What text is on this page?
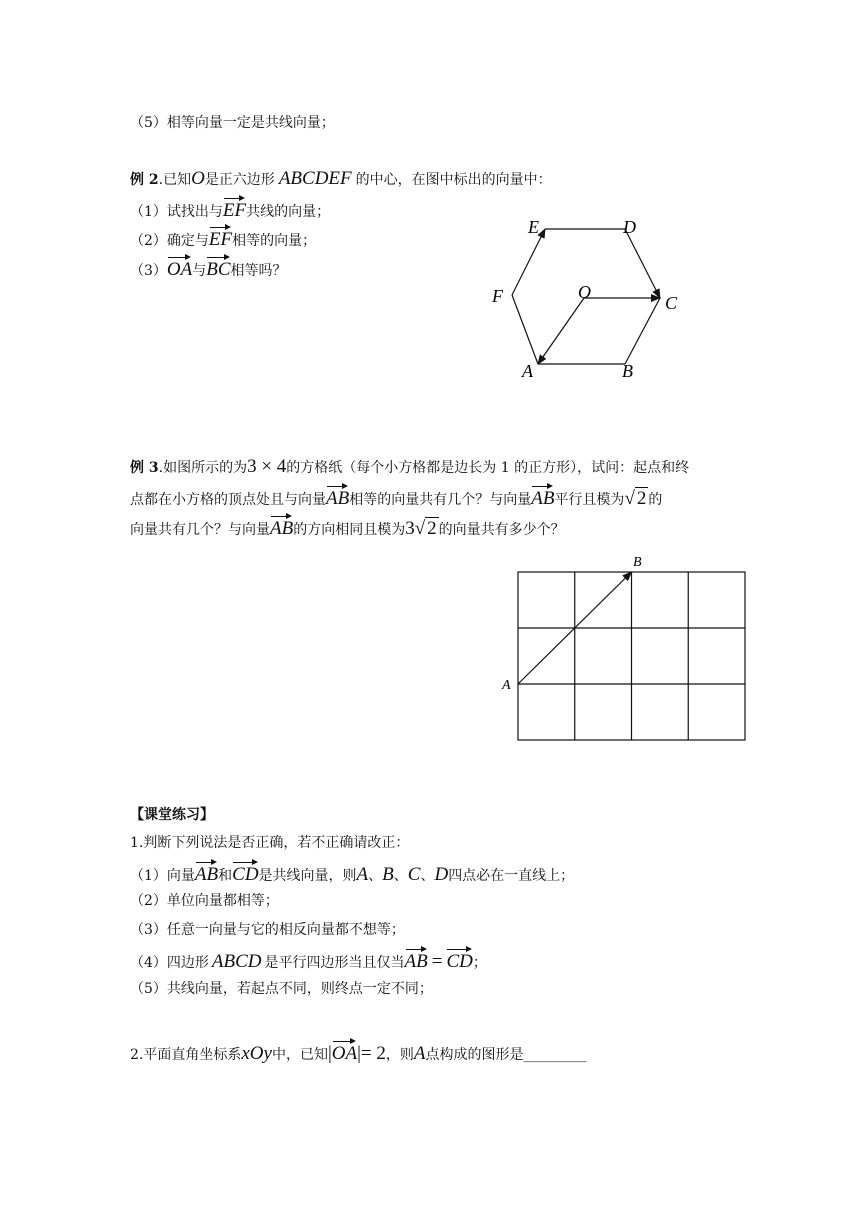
（5）相等向量一定是共线向量；
例 2.已知O是正六边形 ABCDEF 的中心，在图中标出的向量中：
（1）试找出与EF共线的向量；
（2）确定与EF相等的向量；
（3）OA与BC相等吗？
E	D
F	O
C
A	B
例 3.如图所示的为3 × 4的方格纸（每个小方格都是边长为 1 的正方形），试问：起点和终
点都在小方格的顶点处且与向量AB相等的向量共有几个？与向量AB平行且模为√ 2 的
向量共有几个？与向量AB的方向相同且模为3√ 2 的向量共有多少个？
A
B
【课堂练习】
1.判断下列说法是否正确，若不正确请改正：
（1）向量AB和CD是共线向量，则A、B、C、D四点必在一直线上；
（2）单位向量都相等；
（3）任意一向量与它的相反向量都不想等；
（4）四边形 ABCD 是平行四边形当且仅当AB = CD；
（5）共线向量，若起点不同，则终点一定不同；
2.平面直角坐标系xOy中，已知|OA|= 2，则A点构成的图形是_________
